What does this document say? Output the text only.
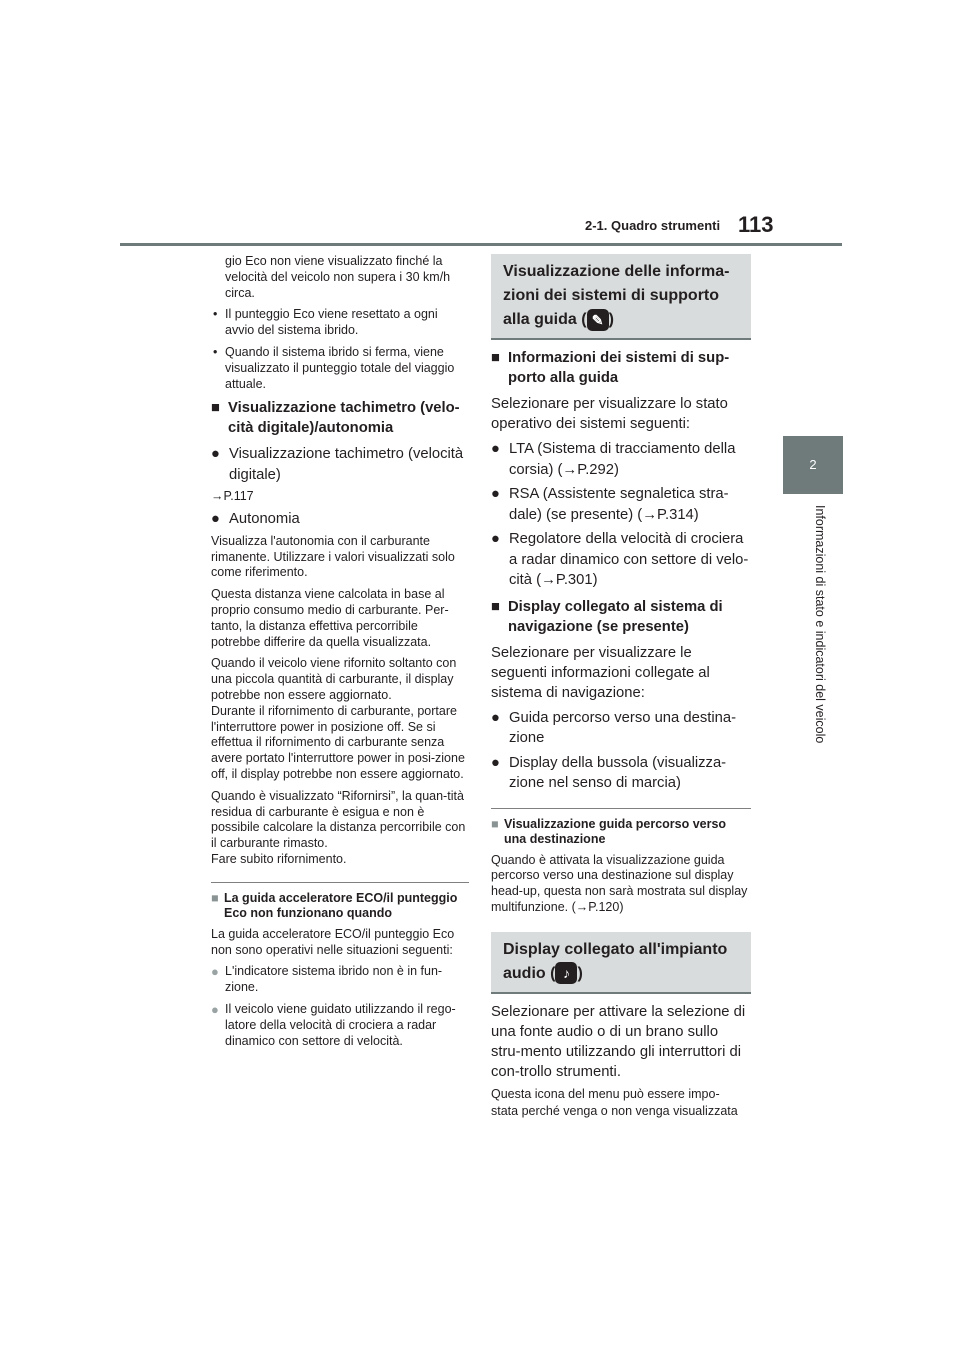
2-1. Quadro strumenti 113
2
Informazioni di stato e indicatori del veicolo

gio Eco non viene visualizzato finché la velocità del veicolo non supera i 30 km/h circa.

• Il punteggio Eco viene resettato a ogni avvio del sistema ibrido.
• Quando il sistema ibrido si ferma, viene visualizzato il punteggio totale del viaggio attuale.
■ Visualizzazione tachimetro (velo-cità digitale)/autonomia
● Visualizzazione tachimetro (velocità digitale)
→P.117
● Autonomia

Visualizza l'autonomia con il carburante rimanente. Utilizzare i valori visualizzati solo come riferimento.

Questa distanza viene calcolata in base al proprio consumo medio di carburante. Per-tanto, la distanza effettiva percorribile potrebbe differire da quella visualizzata.

Quando il veicolo viene rifornito soltanto con una piccola quantità di carburante, il display potrebbe non essere aggiornato.
Durante il rifornimento di carburante, portare l'interruttore power in posizione off. Se si effettua il rifornimento di carburante senza avere portato l'interruttore power in posi-zione off, il display potrebbe non essere aggiornato.

Quando è visualizzato “Rifornirsi”, la quan-tità residua di carburante è esigua e non è possibile calcolare la distanza percorribile con il carburante rimasto.
Fare subito rifornimento.

■ La guida acceleratore ECO/il punteggio Eco non funzionano quando

La guida acceleratore ECO/il punteggio Eco non sono operativi nelle situazioni seguenti:

● L'indicatore sistema ibrido non è in fun-zione.
● Il veicolo viene guidato utilizzando il rego-latore della velocità di crociera a radar dinamico con settore di velocità.
Visualizzazione delle informa-
zioni dei sistemi di supporto
alla guida ( ✎ )
■ Informazioni dei sistemi di sup-porto alla guida

Selezionare per visualizzare lo stato operativo dei sistemi seguenti:

● LTA (Sistema di tracciamento della corsia) (→P.292)
● RSA (Assistente segnaletica stra-dale) (se presente) (→P.314)
● Regolatore della velocità di crociera a radar dinamico con settore di velo-cità (→P.301)
■ Display collegato al sistema di navigazione (se presente)

Selezionare per visualizzare le seguenti informazioni collegate al sistema di navigazione:

● Guida percorso verso una destina-zione
● Display della bussola (visualizza-zione nel senso di marcia)
■ Visualizzazione guida percorso verso una destinazione

Quando è attivata la visualizzazione guida percorso verso una destinazione sul display head-up, questa non sarà mostrata sul display multifunzione. (→P.120)

Display collegato all'impianto
audio ( ♪ )

Selezionare per attivare la selezione di una fonte audio o di un brano sullo stru-mento utilizzando gli interruttori di con-trollo strumenti.

Questa icona del menu può essere impo-

stata perché venga o non venga visualizzata
